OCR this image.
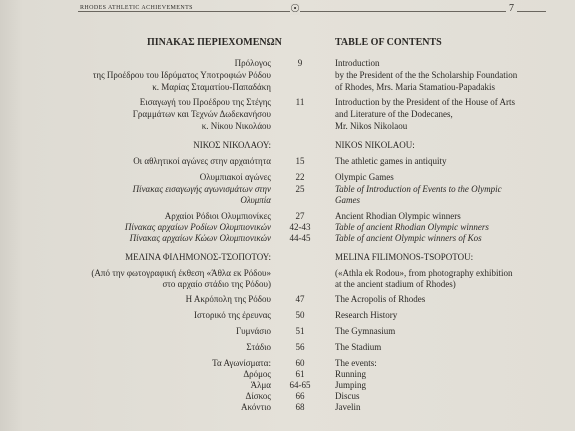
RHODES ATHLETIC ACHIEVEMENTS	☉	7
ΠΙΝΑΚΑΣ ΠΕΡΙΕΧΟΜΕΝΩΝ	TABLE OF CONTENTS
Πρόλογος
της Προέδρου του Ιδρύματος Υποτροφιών Ρόδου
κ. Μαρίας Σταματίου-Παπαδάκη
9	Introduction
by the President of the the Scholarship Foundation
of Rhodes, Mrs. Maria Stamatiou-Papadakis
Εισαγωγή του Προέδρου της Στέγης
Γραμμάτων και Τεχνών Δωδεκανήσου
κ. Νίκου Νικολάου
11	Introduction by the President of the House of Arts
and Literature of the Dodecanes,
Mr. Nikos Nikolaou
ΝΙΚΟΣ ΝΙΚΟΛΑΟΥ:	NIKOS NIKOLAOU:
Οι αθλητικοί αγώνες στην αρχαιότητα	15	The athletic games in antiquity
Ολυμπιακοί αγώνες	22	Olympic Games
Πίνακας εισαγωγής αγωνισμάτων στην
Ολυμπία
25	Table of Introduction of Events to the Olympic
Games
Αρχαίοι Ρόδιοι Ολυμπιονίκες	27	Ancient Rhodian Olympic winners
Πίνακας αρχαίων Ροδίων Ολυμπιονικών	42-43	Table of ancient Rhodian Olympic winners
Πίνακας αρχαίων Κώων Ολυμπιονικών	44-45	Table of ancient Olympic winners of Kos
ΜΕΛΙΝΑ ΦΙΛΗΜΟΝΟΣ-ΤΣΟΠΟΤΟΥ:	MELINA FILIMONOS-TSOPOTOU:
(Από την φωτογραφική έκθεση «Άθλα εκ Ρόδου»
στο αρχαίο στάδιο της Ρόδου)
(«Athla ek Rodou», from photography exhibition
at the ancient stadium of Rhodes)
Η Ακρόπολη της Ρόδου	47	The Acropolis of Rhodes
Ιστορικό της έρευνας	50	Research History
Γυμνάσιο	51	The Gymnasium
Στάδιο	56	The Stadium
Τα Αγωνίσματα:	60	The events:
Δρόμος	61	Running
Άλμα	64-65	Jumping
Δίσκος	66	Discus
Ακόντιο	68	Javelin
